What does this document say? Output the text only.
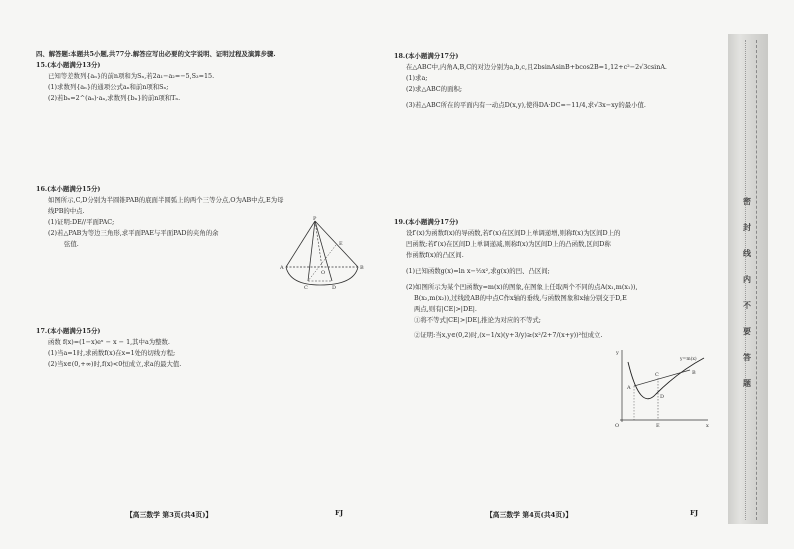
四、解答题:本题共5小题,共77分.解答应写出必要的文字说明、证明过程及演算步骤.
15.(本小题满分13分)
已知等差数列{aₙ}的前n项和为Sₙ,若2a₁−a₂=−5,S₃=15.
(1)求数列{aₙ}的通项公式aₙ和前n项和Sₙ;
(2)若bₙ=2^(aₙ)·aₙ,求数列{bₙ}的前n项和Tₙ.
16.(本小题满分15分)
如图所示,C,D分别为半圆锥PAB的底面半圆弧上的两个三等分点,O为AB中点,E为母
线PB的中点.
(1)证明:DE//平面PAC;
(2)若△PAB为等边三角形,求平面PAE与平面PAD的夹角的余
弦值.
P
E
A
O
B
C	D
17.(本小题满分15分)
函数 f(x)=(1−x)eˣ − x − 1,其中a为整数.
(1)当a=1时,求函数f(x)在x=1处的切线方程;
(2)当x∈(0,+∞)时,f(x)<0恒成立,求a的最大值.
【高三数学 第3页(共4页)】	FJ
18.(本小题满分17分)
在△ABC中,内角A,B,C的对边分别为a,b,c,且2bsinAsinB+bcos2B=1,12+c²−2√3csinA.
(1)求a;
(2)求△ABC的面积;
(3)若△ABC所在的平面内有一动点D(x,y),使得DA·DC=−11/4,求√3x−xy的最小值.
19.(本小题满分17分)
设f′(x)为函数f(x)的导函数,若f′(x)在区间D上单调递增,则称f(x)为区间D上的
凹函数;若f′(x)在区间D上单调递减,则称f(x)为区间D上的凸函数,区间D称
作函数f(x)的凸区间.
(1)已知函数g(x)=ln x−½x²,求g(x)的凹、凸区间;
(2)如图所示为某个凹函数y=m(x)的图象,在图象上任取两个不同的点A(x₁,m(x₁)),
B(x₂,m(x₂)),过线段AB的中点C作x轴的垂线,与函数图象和x轴分别交于D,E
两点,则有|CE|>|DE|.
①将不等式|CE|>|DE|,推论为对应的不等式;
②证明:当x,y∈(0,2)时,(x−1/x)(y+3/y)≥(x²/2+7/(x+y))²恒成立.
y
x
O
y=m(x)
A
B
C
D
E
【高三数学 第4页(共4页)】	FJ
密
封
线
内
不
要
答
题
